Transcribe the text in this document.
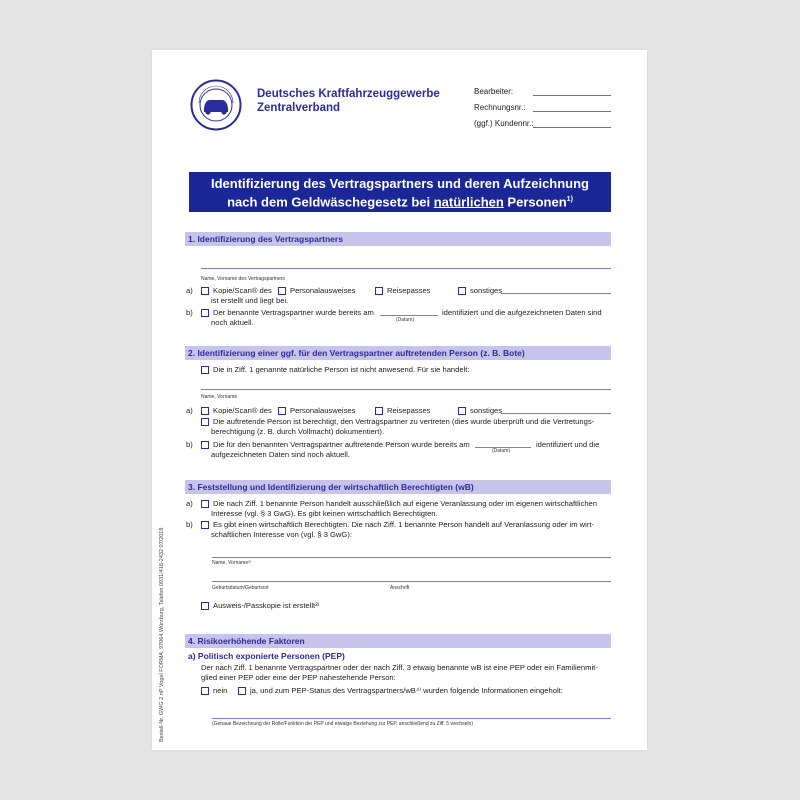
Deutsches Kraftfahrzeuggewerbe
Zentralverband
Bearbeiter:
Rechnungsnr.:
(ggf.) Kundennr.:
Identifizierung des Vertragspartners und deren Aufzeichnung
nach dem Geldwäschegesetz bei natürlichen Personen$^{1)}$
1. Identifizierung des Vertragspartners
Name, Vorname des Vertragspartners
a)	Kopie/Scan® des	Personalausweises	Reisepasses	sonstiges
ist erstellt und liegt bei.
b)	Der benannte Vertragspartner wurde bereits am
(Datum)
identifiziert und die aufgezeichneten Daten sind
noch aktuell.
2. Identifizierung einer ggf. für den Vertragspartner auftretenden Person (z. B. Bote)
Die in Ziff. 1 genannte natürliche Person ist nicht anwesend. Für sie handelt:
Name, Vorname
a)	Kopie/Scan® des	Personalausweises	Reisepasses	sonstiges
Die auftretende Person ist berechtigt, den Vertragspartner zu vertreten (dies wurde überprüft und die Vertretungs-
berechtigung (z. B. durch Vollmacht) dokumentiert).
b)	Die für den benannten Vertragspartner auftretende Person wurde bereits am
(Datum)
identifiziert und die
aufgezeichneten Daten sind noch aktuell.
3. Feststellung und Identifizierung der wirtschaftlich Berechtigten (wB)
a)	Die nach Ziff. 1 benannte Person handelt ausschließlich auf eigene Veranlassung oder im eigenen wirtschaftlichen
Interesse (vgl. § 3 GwG). Es gibt keinen wirtschaftlich Berechtigten.
b)	Es gibt einen wirtschaftlich Berechtigten. Die nach Ziff. 1 benannte Person handelt auf Veranlassung oder im wirt-
schaftlichen Interesse von (vgl. § 3 GwG):
Name, Vorname²⁾
Geburtsdatum/Geburtsort	Anschrift
Ausweis-/Passkopie ist erstellt³⁾
4. Risikoerhöhende Faktoren
a) Politisch exponierte Personen (PEP)
Der nach Ziff. 1 benannte Vertragspartner oder der nach Ziff. 3 etwaig benannte wB ist eine PEP oder ein Familienmit-
glied einer PEP oder eine der PEP nahestehende Person:
nein	ja, und zum PEP-Status des Vertragspartners/wB⁴⁾ wurden folgende Informationen eingeholt:
(Genaue Bezeichnung der Rolle/Funktion der PEP und etwaige Beziehung zur PEP, anschließend zu Ziff. 5 wechseln)
Bestell-Nr. GWG 2 nP Vogel FORMA, 97064 Würzburg, Telefon 0931/418-2432 07/2018
